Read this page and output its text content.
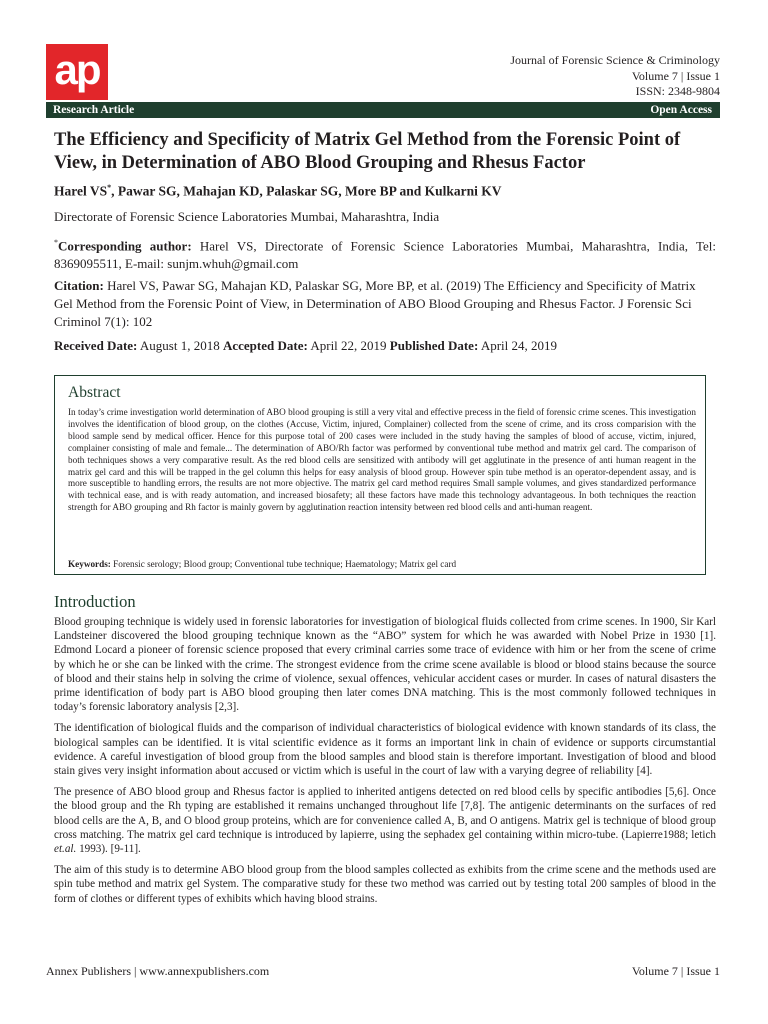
ap	Journal of Forensic Science & Criminology
Volume 7 | Issue 1
ISSN: 2348-9804
Research Article	Open Access
The Efficiency and Specificity of Matrix Gel Method from the Forensic Point of View, in Determination of ABO Blood Grouping and Rhesus Factor
Harel VS*, Pawar SG, Mahajan KD, Palaskar SG, More BP and Kulkarni KV
Directorate of Forensic Science Laboratories Mumbai, Maharashtra, India
*Corresponding author: Harel VS, Directorate of Forensic Science Laboratories Mumbai, Maharashtra, India, Tel: 8369095511, E-mail: sunjm.whuh@gmail.com
Citation: Harel VS, Pawar SG, Mahajan KD, Palaskar SG, More BP, et al. (2019) The Efficiency and Specificity of Matrix Gel Method from the Forensic Point of View, in Determination of ABO Blood Grouping and Rhesus Factor. J Forensic Sci Criminol 7(1): 102
Received Date: August 1, 2018 Accepted Date: April 22, 2019 Published Date: April 24, 2019
Abstract
In today’s crime investigation world determination of ABO blood grouping is still a very vital and effective precess in the field of forensic crime scenes. This investigation involves the identification of blood group, on the clothes (Accuse, Victim, injured, Complainer) collected from the scene of crime, and its cross comparision with the blood sample send by medical officer. Hence for this purpose total of 200 cases were included in the study having the samples of blood of accuse, victim, injured, complainer consisting of male and female... The determination of ABO/Rh factor was performed by conventional tube method and matrix gel card. The comparison of both techniques shows a very comparative result. As the red blood cells are sensitized with antibody will get agglutinate in the presence of anti human reagent in the matrix gel card and this will be trapped in the gel column this helps for easy analysis of blood group. However spin tube method is an operator-dependent assay, and is more susceptible to handling errors, the results are not more objective. The matrix gel card method requires Small sample volumes, and gives standardized performance with technical ease, and is with ready automation, and increased biosafety; all these factors have made this technology advantageous. In both techniques the reaction strength for ABO grouping and Rh factor is mainly govern by agglutination reaction intensity between red blood cells and anti-human reagent.
Keywords: Forensic serology; Blood group; Conventional tube technique; Haematology; Matrix gel card
Introduction

Blood grouping technique is widely used in forensic laboratories for investigation of biological fluids collected from crime scenes. In 1900, Sir Karl Landsteiner discovered the blood grouping technique known as the “ABO” system for which he was awarded with Nobel Prize in 1930 [1]. Edmond Locard a pioneer of forensic science proposed that every criminal carries some trace of evidence with him or her from the scene of crime by which he or she can be linked with the crime. The strongest evidence from the crime scene available is blood or blood stains because the source of blood and their stains help in solving the crime of violence, sexual offences, vehicular accident cases or murder. In cases of natural disasters the prime identification of body part is ABO blood grouping then later comes DNA matching. This is the most commonly followed techniques in today’s forensic laboratory analysis [2,3].

The identification of biological fluids and the comparison of individual characteristics of biological evidence with known standards of its class, the biological samples can be identified. It is vital scientific evidence as it forms an important link in chain of evidence or supports circumstantial evidence. A careful investigation of blood group from the blood samples and blood stain is therefore important. Investigation of blood and blood stain gives very insight information about accused or victim which is useful in the court of law with a varying degree of reliability [4].

The presence of ABO blood group and Rhesus factor is applied to inherited antigens detected on red blood cells by specific antibodies [5,6]. Once the blood group and the Rh typing are established it remains unchanged throughout life [7,8]. The antigenic determinants on the surfaces of red blood cells are the A, B, and O blood group proteins, which are for convenience called A, B, and O antigens. Matrix gel is technique of blood group cross matching. The matrix gel card technique is introduced by lapierre, using the sephadex gel containing within micro-tube. (Lapierre1988; letich et.al. 1993). [9-11].

The aim of this study is to determine ABO blood group from the blood samples collected as exhibits from the crime scene and the methods used are spin tube method and matrix gel System. The comparative study for these two method was carried out by testing total 200 samples of blood in the form of clothes or different types of exhibits which having blood strains.

Annex Publishers | www.annexpublishers.com	Volume 7 | Issue 1
